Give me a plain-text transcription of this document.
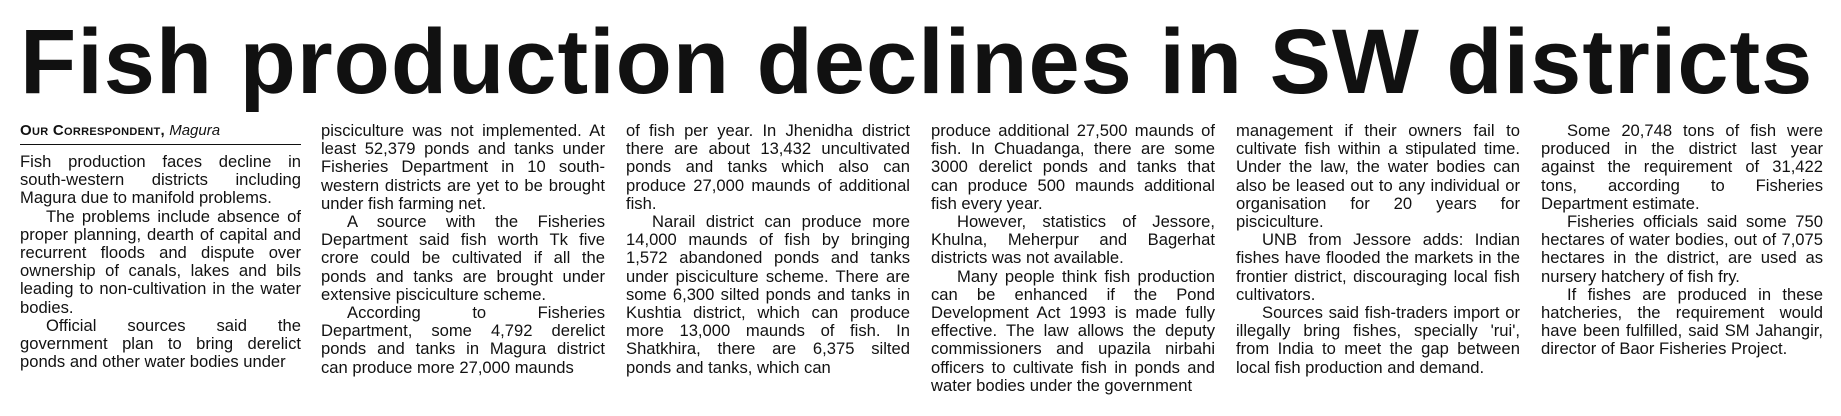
Fish production declines in SW districts
Our Correspondent, Magura

Fish production faces decline in south-western districts including Magura due to manifold problems.

The problems include absence of proper planning, dearth of capital and recurrent floods and dispute over ownership of canals, lakes and bils leading to non-cultivation in the water bodies.

Official sources said the government plan to bring derelict ponds and other water bodies under

pisciculture was not implemented. At least 52,379 ponds and tanks under Fisheries Department in 10 south-western districts are yet to be brought under fish farming net.

A source with the Fisheries Department said fish worth Tk five crore could be cultivated if all the ponds and tanks are brought under extensive pisciculture scheme.

According to Fisheries Department, some 4,792 derelict ponds and tanks in Magura district can produce more 27,000 maunds

of fish per year. In Jhenidha district there are about 13,432 uncultivated ponds and tanks which also can produce 27,000 maunds of additional fish.

Narail district can produce more 14,000 maunds of fish by bringing 1,572 abandoned ponds and tanks under pisciculture scheme. There are some 6,300 silted ponds and tanks in Kushtia district, which can produce more 13,000 maunds of fish. In Shatkhira, there are 6,375 silted ponds and tanks, which can

produce additional 27,500 maunds of fish. In Chuadanga, there are some 3000 derelict ponds and tanks that can produce 500 maunds additional fish every year.

However, statistics of Jessore, Khulna, Meherpur and Bagerhat districts was not available.

Many people think fish production can be enhanced if the Pond Development Act 1993 is made fully effective. The law allows the deputy commissioners and upazila nirbahi officers to cultivate fish in ponds and water bodies under the government

management if their owners fail to cultivate fish within a stipulated time. Under the law, the water bodies can also be leased out to any individual or organisation for 20 years for pisciculture.

UNB from Jessore adds: Indian fishes have flooded the markets in the frontier district, discouraging local fish cultivators.

Sources said fish-traders import or illegally bring fishes, specially 'rui', from India to meet the gap between local fish production and demand.

Some 20,748 tons of fish were produced in the district last year against the requirement of 31,422 tons, according to Fisheries Department estimate.

Fisheries officials said some 750 hectares of water bodies, out of 7,075 hectares in the district, are used as nursery hatchery of fish fry.

If fishes are produced in these hatcheries, the requirement would have been fulfilled, said SM Jahangir, director of Baor Fisheries Project.
